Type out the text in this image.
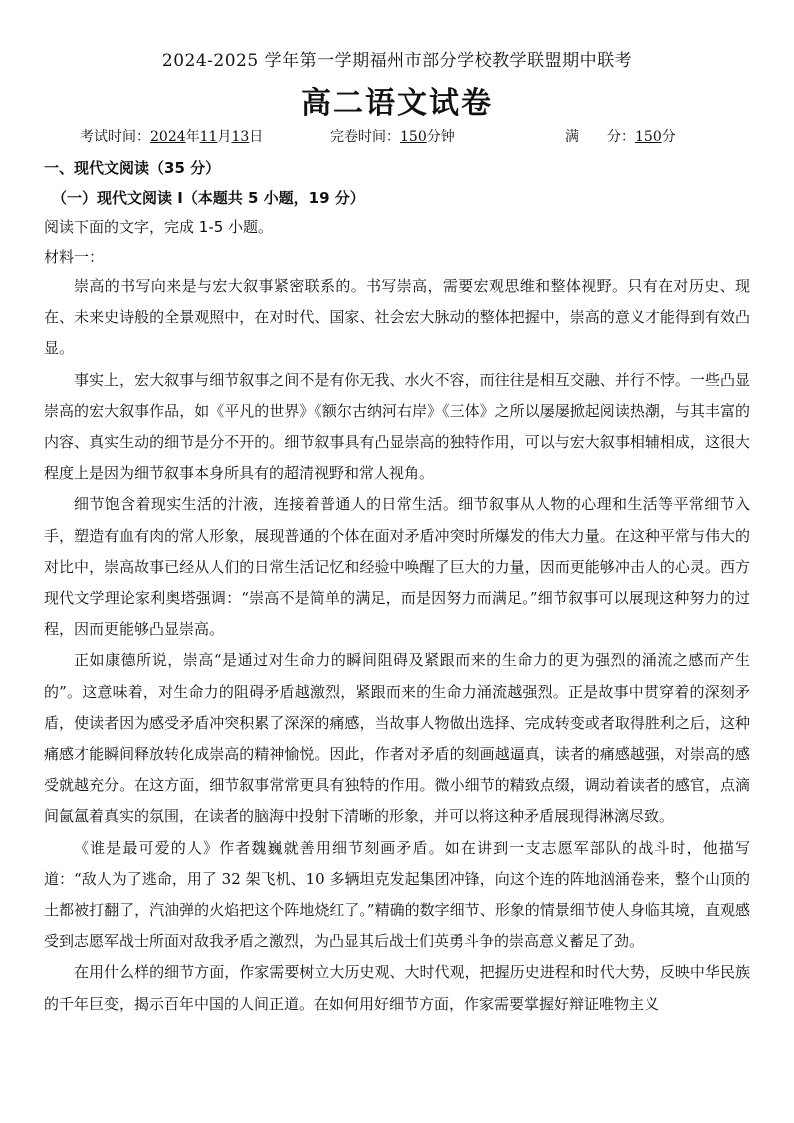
2024-2025 学年第一学期福州市部分学校教学联盟期中联考
高二语文试卷
考试时间：2024年11月13日	完卷时间：150分钟	满　　分：150分
一、现代文阅读（35 分）
（一）现代文阅读 I（本题共 5 小题，19 分）
阅读下面的文字，完成 1-5 小题。
材料一：

崇高的书写向来是与宏大叙事紧密联系的。书写崇高，需要宏观思维和整体视野。只有在对历史、现在、未来史诗般的全景观照中，在对时代、国家、社会宏大脉动的整体把握中，崇高的意义才能得到有效凸显。

事实上，宏大叙事与细节叙事之间不是有你无我、水火不容，而往往是相互交融、并行不悖。一些凸显崇高的宏大叙事作品，如《平凡的世界》《额尔古纳河右岸》《三体》之所以屡屡掀起阅读热潮，与其丰富的内容、真实生动的细节是分不开的。细节叙事具有凸显崇高的独特作用，可以与宏大叙事相辅相成，这很大程度上是因为细节叙事本身所具有的超清视野和常人视角。

细节饱含着现实生活的汁液，连接着普通人的日常生活。细节叙事从人物的心理和生活等平常细节入手，塑造有血有肉的常人形象，展现普通的个体在面对矛盾冲突时所爆发的伟大力量。在这种平常与伟大的对比中，崇高故事已经从人们的日常生活记忆和经验中唤醒了巨大的力量，因而更能够冲击人的心灵。西方现代文学理论家利奥塔强调：“崇高不是简单的满足，而是因努力而满足。”细节叙事可以展现这种努力的过程，因而更能够凸显崇高。

正如康德所说，崇高“是通过对生命力的瞬间阻碍及紧跟而来的生命力的更为强烈的涌流之感而产生的”。这意味着，对生命力的阻碍矛盾越激烈，紧跟而来的生命力涌流越强烈。正是故事中贯穿着的深刻矛盾，使读者因为感受矛盾冲突积累了深深的痛感，当故事人物做出选择、完成转变或者取得胜利之后，这种痛感才能瞬间释放转化成崇高的精神愉悦。因此，作者对矛盾的刻画越逼真，读者的痛感越强，对崇高的感受就越充分。在这方面，细节叙事常常更具有独特的作用。微小细节的精致点缀，调动着读者的感官，点滴间氤氲着真实的氛围，在读者的脑海中投射下清晰的形象，并可以将这种矛盾展现得淋漓尽致。

《谁是最可爱的人》作者魏巍就善用细节刻画矛盾。如在讲到一支志愿军部队的战斗时，他描写道：“敌人为了逃命，用了 32 架飞机、10 多辆坦克发起集团冲锋，向这个连的阵地汹涌卷来，整个山顶的土都被打翻了，汽油弹的火焰把这个阵地烧红了。”精确的数字细节、形象的情景细节使人身临其境，直观感受到志愿军战士所面对敌我矛盾之激烈，为凸显其后战士们英勇斗争的崇高意义蓄足了劲。

在用什么样的细节方面，作家需要树立大历史观、大时代观，把握历史进程和时代大势，反映中华民族的千年巨变，揭示百年中国的人间正道。在如何用好细节方面，作家需要掌握好辩证唯物主义
